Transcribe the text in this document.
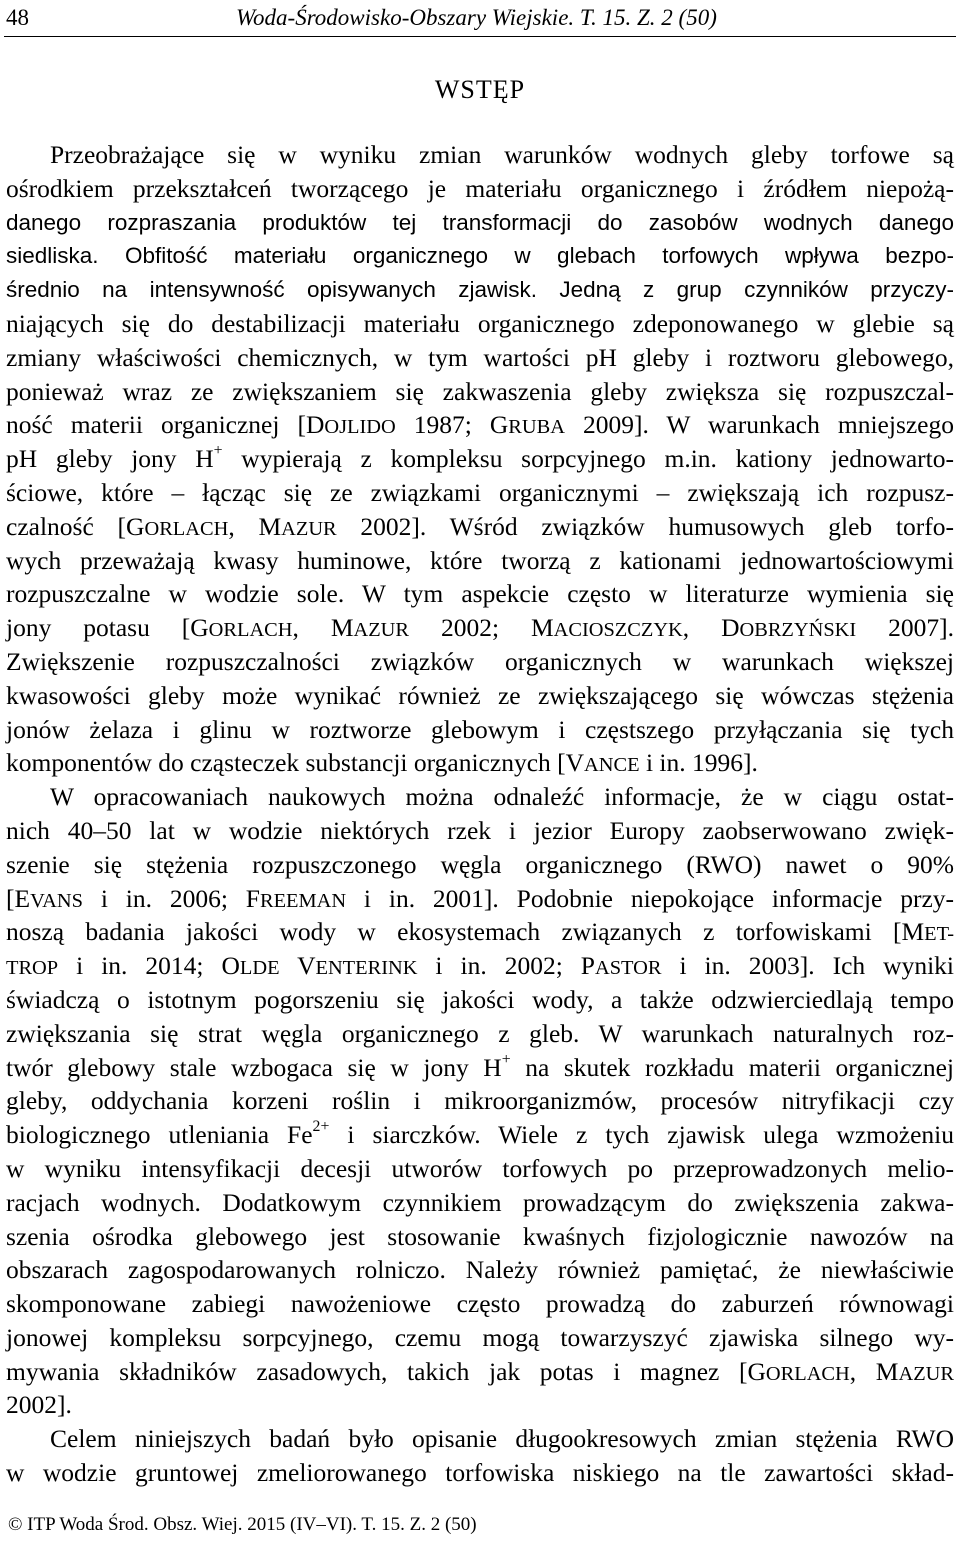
48	Woda-Środowisko-Obszary Wiejskie. T. 15. Z. 2 (50)
WSTĘP
Przeobrażające się w wyniku zmian warunków wodnych gleby torfowe są
ośrodkiem przekształceń tworzącego je materiału organicznego i źródłem niepożą-
danego rozpraszania produktów tej transformacji do zasobów wodnych danego
siedliska. Obfitość materiału organicznego w glebach torfowych wpływa bezpo-
średnio na intensywność opisywanych zjawisk. Jedną z grup czynników przyczy-
niających się do destabilizacji materiału organicznego zdeponowanego w glebie są
zmiany właściwości chemicznych, w tym wartości pH gleby i roztworu glebowego,
ponieważ wraz ze zwiększaniem się zakwaszenia gleby zwiększa się rozpuszczal-
ność materii organicznej [DOJLIDO 1987; GRUBA 2009]. W warunkach mniejszego
pH gleby jony H+ wypierają z kompleksu sorpcyjnego m.in. kationy jednowarto-
ściowe, które – łącząc się ze związkami organicznymi – zwiększają ich rozpusz-
czalność [GORLACH, MAZUR 2002]. Wśród związków humusowych gleb torfo-
wych przeważają kwasy huminowe, które tworzą z kationami jednowartościowymi
rozpuszczalne w wodzie sole. W tym aspekcie często w literaturze wymienia się
jony potasu [GORLACH, MAZUR 2002; MACIOSZCZYK, DOBRZYŃSKI 2007].
Zwiększenie rozpuszczalności związków organicznych w warunkach większej
kwasowości gleby może wynikać również ze zwiększającego się wówczas stężenia
jonów żelaza i glinu w roztworze glebowym i częstszego przyłączania się tych
komponentów do cząsteczek substancji organicznych [VANCE i in. 1996].
W opracowaniach naukowych można odnaleźć informacje, że w ciągu ostat-
nich 40–50 lat w wodzie niektórych rzek i jezior Europy zaobserwowano zwięk-
szenie się stężenia rozpuszczonego węgla organicznego (RWO) nawet o 90%
[EVANS i in. 2006; FREEMAN i in. 2001]. Podobnie niepokojące informacje przy-
noszą badania jakości wody w ekosystemach związanych z torfowiskami [MET-
TROP i in. 2014; OLDE VENTERINK i in. 2002; PASTOR i in. 2003]. Ich wyniki
świadczą o istotnym pogorszeniu się jakości wody, a także odzwierciedlają tempo
zwiększania się strat węgla organicznego z gleb. W warunkach naturalnych roz-
twór glebowy stale wzbogaca się w jony H+ na skutek rozkładu materii organicznej
gleby, oddychania korzeni roślin i mikroorganizmów, procesów nitryfikacji czy
biologicznego utleniania $Fe^{2+}$ i siarczków. Wiele z tych zjawisk ulega wzmożeniu
w wyniku intensyfikacji decesji utworów torfowych po przeprowadzonych melio-
racjach wodnych. Dodatkowym czynnikiem prowadzącym do zwiększenia zakwa-
szenia ośrodka glebowego jest stosowanie kwaśnych fizjologicznie nawozów na
obszarach zagospodarowanych rolniczo. Należy również pamiętać, że niewłaściwie
skomponowane zabiegi nawożeniowe często prowadzą do zaburzeń równowagi
jonowej kompleksu sorpcyjnego, czemu mogą towarzyszyć zjawiska silnego wy-
mywania składników zasadowych, takich jak potas i magnez [GORLACH, MAZUR
2002].
Celem niniejszych badań było opisanie długookresowych zmian stężenia RWO
w wodzie gruntowej zmeliorowanego torfowiska niskiego na tle zawartości skład-
© ITP Woda Środ. Obsz. Wiej. 2015 (IV–VI). T. 15. Z. 2 (50)
